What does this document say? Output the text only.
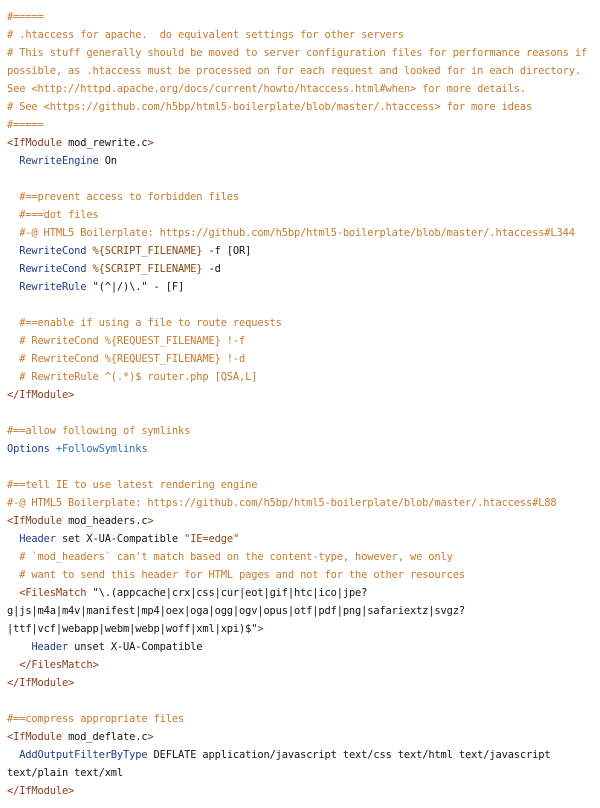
#=====
# .htaccess for apache.  do equivalent settings for other servers
# This stuff generally should be moved to server configuration files for performance reasons if
possible, as .htaccess must be processed on for each request and looked for in each directory.
See <http://httpd.apache.org/docs/current/howto/htaccess.html#when> for more details.
# See <https://github.com/h5bp/html5-boilerplate/blob/master/.htaccess> for more ideas
#=====
<IfModule mod_rewrite.c>
RewriteEngine On

#==prevent access to forbidden files
#===dot files
#-@ HTML5 Boilerplate: https://github.com/h5bp/html5-boilerplate/blob/master/.htaccess#L344
RewriteCond %{SCRIPT_FILENAME} -f [OR]
RewriteCond %{SCRIPT_FILENAME} -d
RewriteRule "(^|/)\." - [F]

#==enable if using a file to route requests
# RewriteCond %{REQUEST_FILENAME} !-f
# RewriteCond %{REQUEST_FILENAME} !-d
# RewriteRule ^(.*)$ router.php [QSA,L]
</IfModule>

#==allow following of symlinks
Options +FollowSymlinks

#==tell IE to use latest rendering engine
#-@ HTML5 Boilerplate: https://github.com/h5bp/html5-boilerplate/blob/master/.htaccess#L88
<IfModule mod_headers.c>
Header set X-UA-Compatible "IE=edge"
# `mod_headers` can't match based on the content-type, however, we only
# want to send this header for HTML pages and not for the other resources
<FilesMatch "\.(appcache|crx|css|cur|eot|gif|htc|ico|jpe?
g|js|m4a|m4v|manifest|mp4|oex|oga|ogg|ogv|opus|otf|pdf|png|safariextz|svgz?
|ttf|vcf|webapp|webm|webp|woff|xml|xpi)$">
Header unset X-UA-Compatible
</FilesMatch>
</IfModule>

#==compress appropriate files
<IfModule mod_deflate.c>
AddOutputFilterByType DEFLATE application/javascript text/css text/html text/javascript
text/plain text/xml
</IfModule>
